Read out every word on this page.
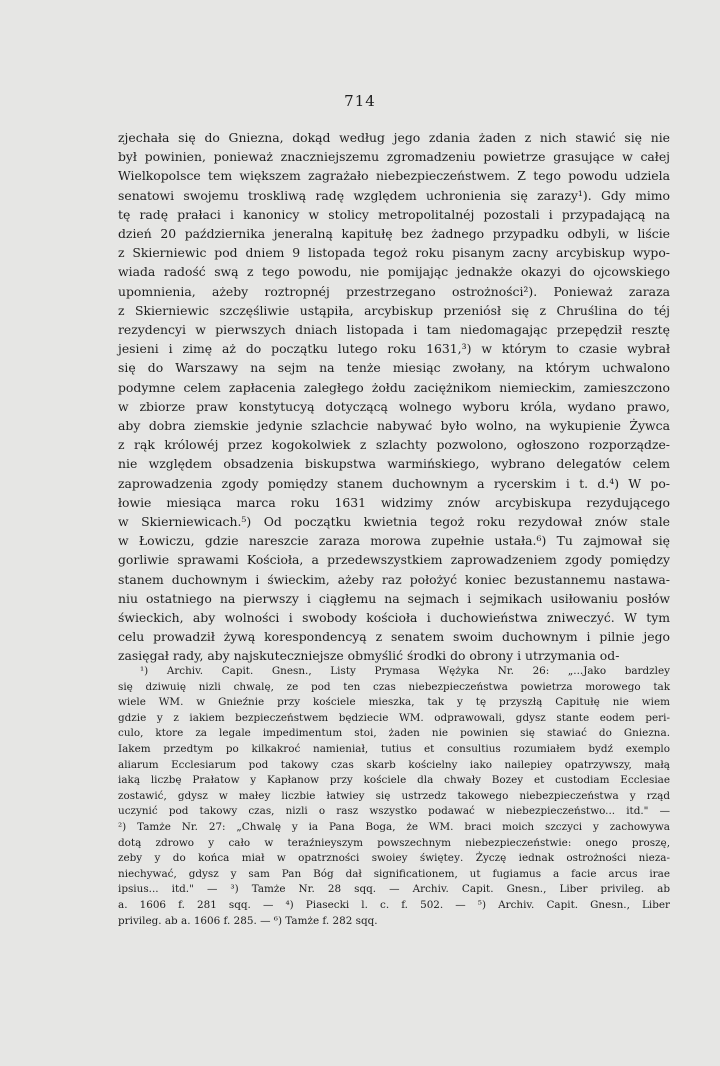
714
zjechała się do Gniezna, dokąd według jego zdania żaden z nich stawić się nie
był powinien, ponieważ znaczniejszemu zgromadzeniu powietrze grasujące w całej
Wielkopolsce tem większem zagrażało niebezpieczeństwem. Z tego powodu udziela
senatowi swojemu troskliwą radę względem uchronienia się zarazy¹). Gdy mimo
tę radę prałaci i kanonicy w stolicy metropolitalnéj pozostali i przypadającą na
dzień 20 października jeneralną kapitułę bez żadnego przypadku odbyli, w liście
z Skierniewic pod dniem 9 listopada tegoż roku pisanym zacny arcybiskup wypo-
wiada radość swą z tego powodu, nie pomijając jednakże okazyi do ojcowskiego
upomnienia, ażeby roztropnéj przestrzegano ostrożności²). Ponieważ zaraza
z Skierniewic szczęśliwie ustąpiła, arcybiskup przeniósł się z Chruślina do téj
rezydencyi w pierwszych dniach listopada i tam niedomagając przepędził resztę
jesieni i zimę aż do początku lutego roku 1631,³) w którym to czasie wybrał
się do Warszawy na sejm na tenże miesiąc zwołany, na którym uchwalono
podymne celem zapłacenia zaległego żołdu zaciężnikom niemieckim, zamieszczono
w zbiorze praw konstytucyą dotyczącą wolnego wyboru króla, wydano prawo,
aby dobra ziemskie jedynie szlachcie nabywać było wolno, na wykupienie Żywca
z rąk królowéj przez kogokolwiek z szlachty pozwolono, ogłoszono rozporządze-
nie względem obsadzenia biskupstwa warmińskiego, wybrano delegatów celem
zaprowadzenia zgody pomiędzy stanem duchownym a rycerskim i t. d.⁴) W po-
łowie miesiąca marca roku 1631 widzimy znów arcybiskupa rezydującego
w Skierniewicach.⁵) Od początku kwietnia tegoż roku rezydował znów stale
w Łowiczu, gdzie nareszcie zaraza morowa zupełnie ustała.⁶) Tu zajmował się
gorliwie sprawami Kościoła, a przedewszystkiem zaprowadzeniem zgody pomiędzy
stanem duchownym i świeckim, ażeby raz położyć koniec bezustannemu nastawa-
niu ostatniego na pierwszy i ciągłemu na sejmach i sejmikach usiłowaniu posłów
świeckich, aby wolności i swobody kościoła i duchowieństwa zniweczyć. W tym
celu prowadził żywą korespondencyą z senatem swoim duchownym i pilnie jego
zasięgał rady, aby najskuteczniejsze obmyślić środki do obrony i utrzymania od-
¹) Archiv. Capit. Gnesn., Listy Prymasa Wężyka Nr. 26: „...Jako bardzley
się dziwuię nizli chwalę, ze pod ten czas niebezpieczeństwa powietrza morowego tak
wiele WM. w Gnieźnie przy kościele mieszka, tak y tę przyszłą Capitułę nie wiem
gdzie y z iakiem bezpieczeństwem będziecie WM. odprawowali, gdysz stante eodem peri-
culo, ktore za legale impedimentum stoi, żaden nie powinien się stawiać do Gniezna.
Iakem przedtym po kilkakroć namieniał, tutius et consultius rozumiałem bydź exemplo
aliarum Ecclesiarum pod takowy czas skarb kościelny iako nailepiey opatrzywszy, małą
iaką liczbę Prałatow y Kapłanow przy kościele dla chwały Bozey et custodiam Ecclesiae
zostawić, gdysz w małey liczbie łatwiey się ustrzedz takowego niebezpieczeństwa y rząd
uczynić pod takowy czas, nizli o rasz wszystko podawać w niebezpieczeństwo... itd." —
²) Tamże Nr. 27: „Chwalę y ia Pana Boga, że WM. braci moich szczyci y zachowywa
dotą zdrowo y cało w teraźnieyszym powszechnym niebezpieczeństwie: onego proszę,
zeby y do końca miał w opatrzności swoiey święteу. Życzę iednak ostrożności nieza-
niechywać, gdysz y sam Pan Bóg dał significationem, ut fugiamus a facie arcus irae
ipsius... itd." — ³) Tamże Nr. 28 sqq. — Archiv. Capit. Gnesn., Liber privileg. ab
a. 1606 f. 281 sqq. — ⁴) Piasecki l. c. f. 502. — ⁵) Archiv. Capit. Gnesn., Liber
privileg. ab a. 1606 f. 285. — ⁶) Tamże f. 282 sqq.
